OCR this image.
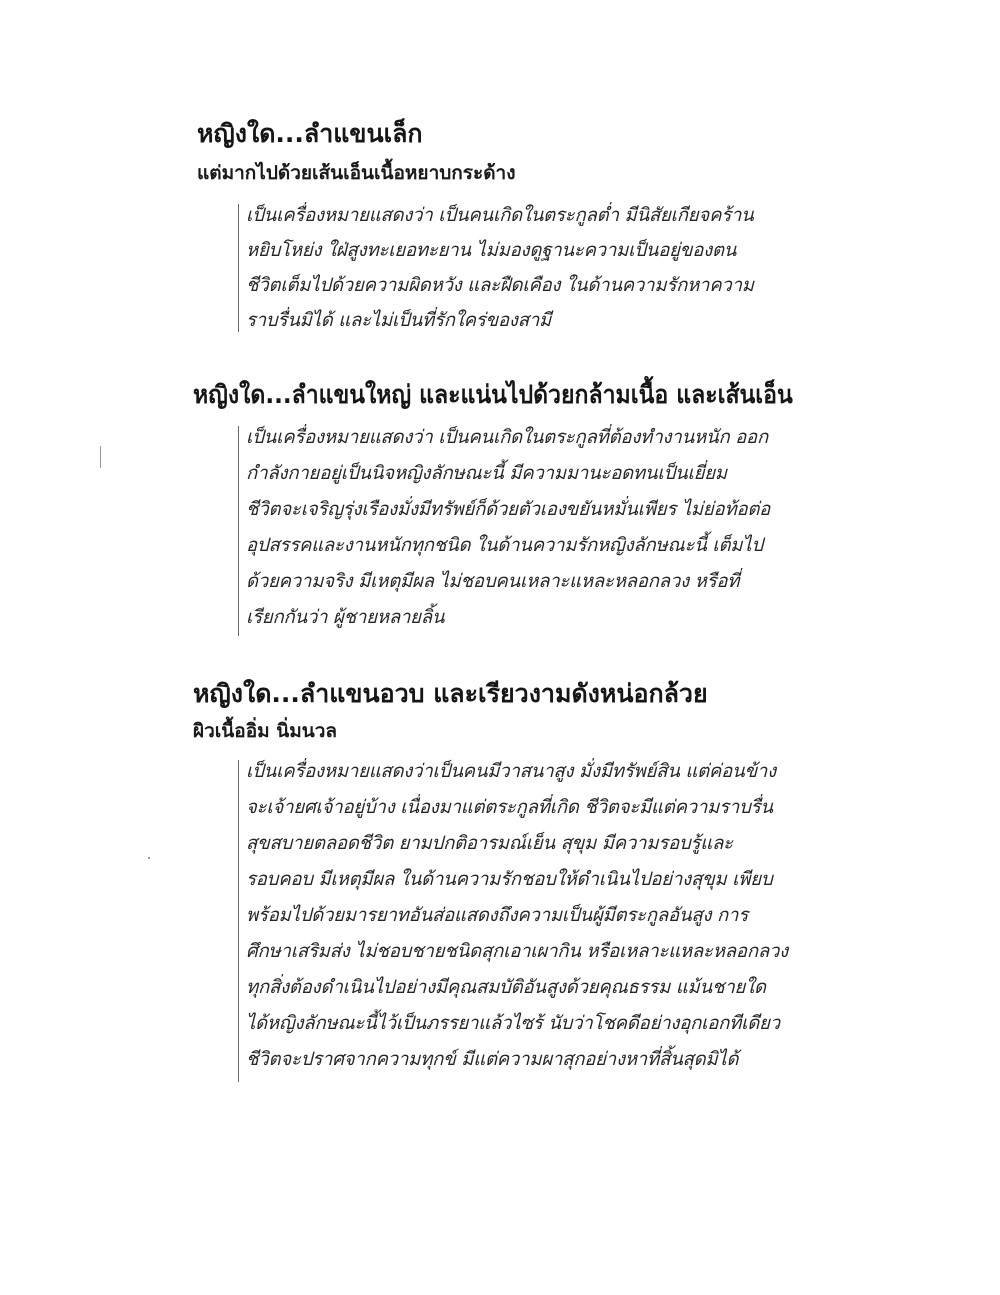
หญิงใด...ลำแขนเล็ก
แต่มากไปด้วยเส้นเอ็นเนื้อหยาบกระด้าง
เป็นเครื่องหมายแสดงว่า เป็นคนเกิดในตระกูลต่ำ มีนิสัยเกียจคร้าน
หยิบโหย่ง ใฝ่สูงทะเยอทะยาน ไม่มองดูฐานะความเป็นอยู่ของตน
ชีวิตเต็มไปด้วยความผิดหวัง และฝืดเคือง ในด้านความรักหาความ
ราบรื่นมิได้ และไม่เป็นที่รักใคร่ของสามี
หญิงใด...ลำแขนใหญ่ และแน่นไปด้วยกล้ามเนื้อ และเส้นเอ็น
เป็นเครื่องหมายแสดงว่า เป็นคนเกิดในตระกูลที่ต้องทำงานหนัก ออก
กำลังกายอยู่เป็นนิจหญิงลักษณะนี้ มีความมานะอดทนเป็นเยี่ยม
ชีวิตจะเจริญรุ่งเรืองมั่งมีทรัพย์ก็ด้วยตัวเองขยันหมั่นเพียร ไม่ย่อท้อต่อ
อุปสรรคและงานหนักทุกชนิด ในด้านความรักหญิงลักษณะนี้ เต็มไป
ด้วยความจริง มีเหตุมีผล ไม่ชอบคนเหลาะแหละหลอกลวง หรือที่
เรียกกันว่า ผู้ชายหลายลิ้น
หญิงใด...ลำแขนอวบ และเรียวงามดังหน่อกล้วย
ผิวเนื้ออิ่ม นิ่มนวล
เป็นเครื่องหมายแสดงว่าเป็นคนมีวาสนาสูง มั่งมีทรัพย์สิน แต่ค่อนข้าง
จะเจ้ายศเจ้าอยู่บ้าง เนื่องมาแต่ตระกูลที่เกิด ชีวิตจะมีแต่ความราบรื่น
สุขสบายตลอดชีวิต ยามปกติอารมณ์เย็น สุขุม มีความรอบรู้และ
รอบคอบ มีเหตุมีผล ในด้านความรักชอบให้ดำเนินไปอย่างสุขุม เพียบ
พร้อมไปด้วยมารยาทอันส่อแสดงถึงความเป็นผู้มีตระกูลอันสูง การ
ศึกษาเสริมส่ง ไม่ชอบชายชนิดสุกเอาเผากิน หรือเหลาะแหละหลอกลวง
ทุกสิ่งต้องดำเนินไปอย่างมีคุณสมบัติอันสูงด้วยคุณธรรม แม้นชายใด
ได้หญิงลักษณะนี้ไว้เป็นภรรยาแล้วไซร้ นับว่าโชคดีอย่างอุกเอกทีเดียว
ชีวิตจะปราศจากความทุกข์ มีแต่ความผาสุกอย่างหาที่สิ้นสุดมิได้
